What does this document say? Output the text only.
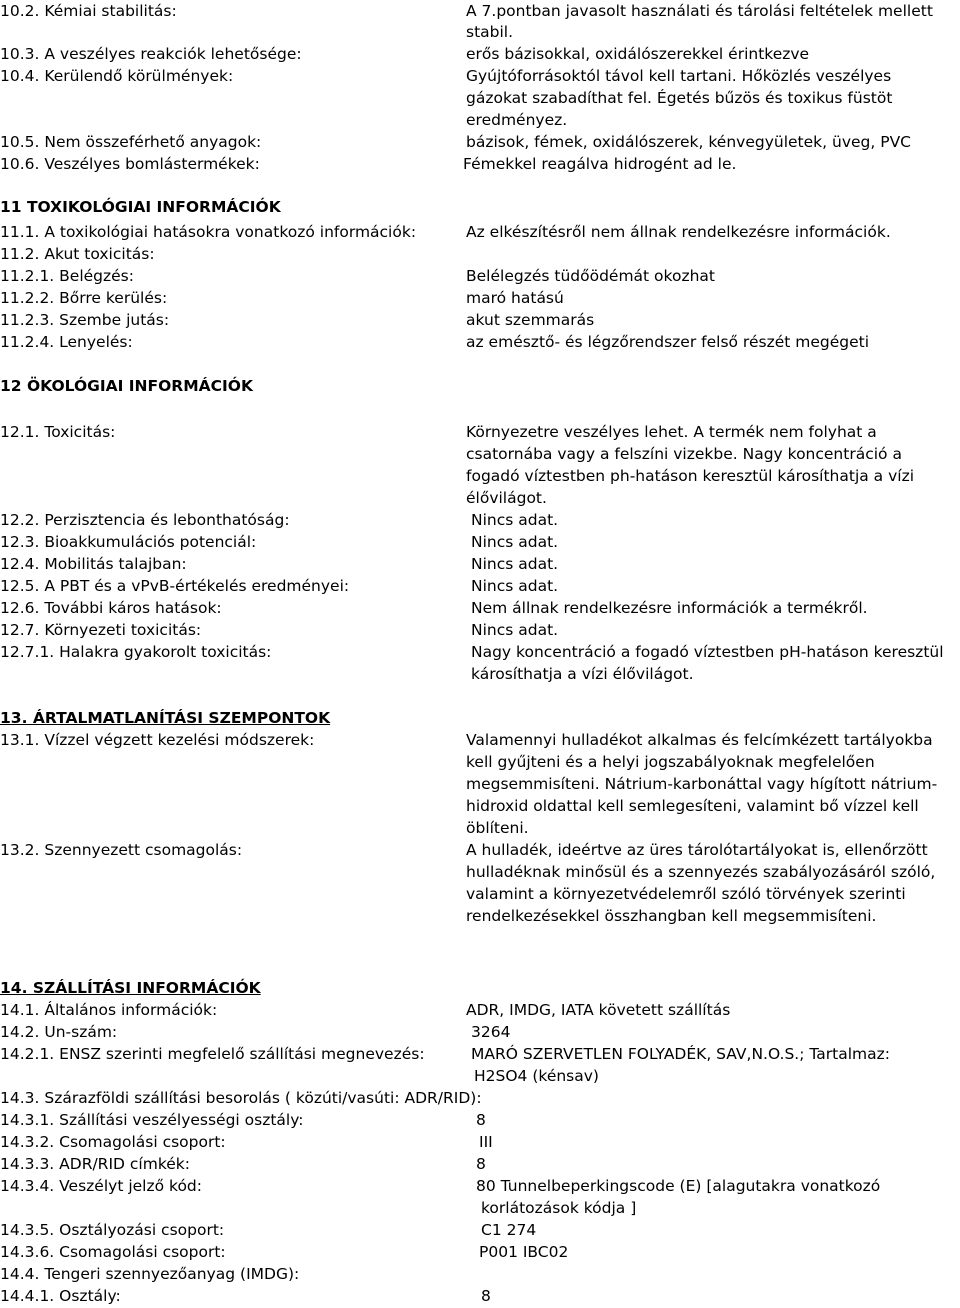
10.2. Kémiai stabilitás:	A 7.pontban javasolt használati és tárolási feltételek mellett
stabil.
10.3. A veszélyes reakciók lehetősége:	erős bázisokkal, oxidálószerekkel érintkezve
10.4. Kerülendő körülmények:	Gyújtóforrásoktól távol kell tartani. Hőközlés veszélyes
gázokat szabadíthat fel. Égetés bűzös és toxikus füstöt
eredményez.
10.5. Nem összeférhető anyagok:	bázisok, fémek, oxidálószerek, kénvegyületek, üveg, PVC
10.6. Veszélyes bomlástermékek:	Fémekkel reagálva hidrogént ad le.
11 TOXIKOLÓGIAI INFORMÁCIÓK
11.1. A toxikológiai hatásokra vonatkozó információk:	Az elkészítésről nem állnak rendelkezésre információk.
11.2. Akut toxicitás:
11.2.1. Belégzés:	Belélegzés tüdőödémát okozhat
11.2.2. Bőrre kerülés:	maró hatású
11.2.3. Szembe jutás:	akut szemmarás
11.2.4. Lenyelés:	az emésztő- és légzőrendszer felső részét megégeti
12 ÖKOLÓGIAI INFORMÁCIÓK
12.1. Toxicitás:	Környezetre veszélyes lehet. A termék nem folyhat a
csatornába vagy a felszíni vizekbe. Nagy koncentráció a
fogadó víztestben ph-hatáson keresztül károsíthatja a vízi
élővilágot.
12.2. Perzisztencia és lebonthatóság:	Nincs adat.
12.3. Bioakkumulációs potenciál:	Nincs adat.
12.4. Mobilitás talajban:	Nincs adat.
12.5. A PBT és a vPvB-értékelés eredményei:	Nincs adat.
12.6. További káros hatások:	Nem állnak rendelkezésre információk a termékről.
12.7. Környezeti toxicitás:	Nincs adat.
12.7.1. Halakra gyakorolt toxicitás:	Nagy koncentráció a fogadó víztestben pH-hatáson keresztül
károsíthatja a vízi élővilágot.
13. ÁRTALMATLANÍTÁSI SZEMPONTOK
13.1. Vízzel végzett kezelési módszerek:	Valamennyi hulladékot alkalmas és felcímkézett tartályokba
kell gyűjteni és a helyi jogszabályoknak megfelelően
megsemmisíteni. Nátrium-karbonáttal vagy hígított nátrium-
hidroxid oldattal kell semlegesíteni, valamint bő vízzel kell
öblíteni.
13.2. Szennyezett csomagolás:	A hulladék, ideértve az üres tárolótartályokat is, ellenőrzött
hulladéknak minősül és a szennyezés szabályozásáról szóló,
valamint a környezetvédelemről szóló törvények szerinti
rendelkezésekkel összhangban kell megsemmisíteni.
14. SZÁLLÍTÁSI INFORMÁCIÓK
14.1. Általános információk:	ADR, IMDG, IATA követett szállítás
14.2. Un-szám:	3264
14.2.1. ENSZ szerinti megfelelő szállítási megnevezés:	MARÓ SZERVETLEN FOLYADÉK, SAV,N.O.S.; Tartalmaz:
H2SO4 (kénsav)
14.3. Szárazföldi szállítási besorolás ( közúti/vasúti: ADR/RID):
14.3.1. Szállítási veszélyességi osztály:	8
14.3.2. Csomagolási csoport:	III
14.3.3. ADR/RID címkék:	8
14.3.4. Veszélyt jelző kód:	80 Tunnelbeperkingscode (E) [alagutakra vonatkozó
korlátozások kódja ]
14.3.5. Osztályozási csoport:	C1 274
14.3.6. Csomagolási csoport:	P001 IBC02
14.4. Tengeri szennyezőanyag (IMDG):
14.4.1. Osztály:	8
